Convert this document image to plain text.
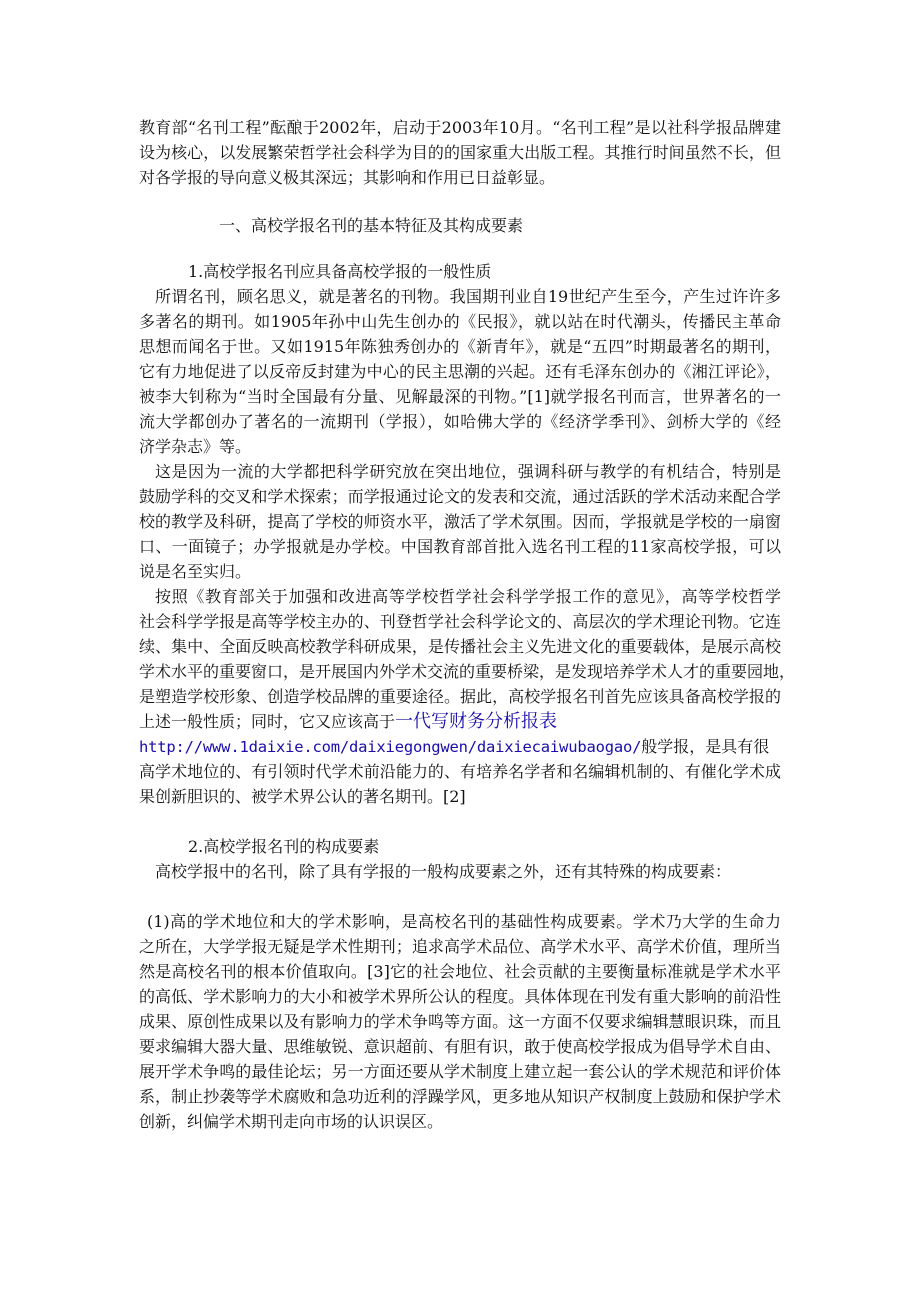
教育部“名刊工程”酝酿于2002年，启动于2003年10月。“名刊工程”是以社科学报品牌建
设为核心，以发展繁荣哲学社会科学为目的的国家重大出版工程。其推行时间虽然不长，但
对各学报的导向意义极其深远；其影响和作用已日益彰显。
一、高校学报名刊的基本特征及其构成要素
1.高校学报名刊应具备高校学报的一般性质
所谓名刊，顾名思义，就是著名的刊物。我国期刊业自19世纪产生至今，产生过许许多
多著名的期刊。如1905年孙中山先生创办的《民报》，就以站在时代潮头，传播民主革命
思想而闻名于世。又如1915年陈独秀创办的《新青年》，就是“五四”时期最著名的期刊，
它有力地促进了以反帝反封建为中心的民主思潮的兴起。还有毛泽东创办的《湘江评论》，
被李大钊称为“当时全国最有分量、见解最深的刊物。”[1]就学报名刊而言，世界著名的一
流大学都创办了著名的一流期刊（学报），如哈佛大学的《经济学季刊》、剑桥大学的《经
济学杂志》等。
这是因为一流的大学都把科学研究放在突出地位，强调科研与教学的有机结合，特别是
鼓励学科的交叉和学术探索；而学报通过论文的发表和交流，通过活跃的学术活动来配合学
校的教学及科研，提高了学校的师资水平，激活了学术氛围。因而，学报就是学校的一扇窗
口、一面镜子；办学报就是办学校。中国教育部首批入选名刊工程的11家高校学报，可以
说是名至实归。
按照《教育部关于加强和改进高等学校哲学社会科学学报工作的意见》，高等学校哲学
社会科学学报是高等学校主办的、刊登哲学社会科学论文的、高层次的学术理论刊物。它连
续、集中、全面反映高校教学科研成果，是传播社会主义先进文化的重要载体，是展示高校
学术水平的重要窗口，是开展国内外学术交流的重要桥梁，是发现培养学术人才的重要园地，
是塑造学校形象、创造学校品牌的重要途径。据此，高校学报名刊首先应该具备高校学报的
上述一般性质；同时，它又应该高于一代写财务分析报表
http://www.1daixie.com/daixiegongwen/daixiecaiwubaogao/般学报，是具有很
高学术地位的、有引领时代学术前沿能力的、有培养名学者和名编辑机制的、有催化学术成
果创新胆识的、被学术界公认的著名期刊。[2]
2.高校学报名刊的构成要素
高校学报中的名刊，除了具有学报的一般构成要素之外，还有其特殊的构成要素：
(1)高的学术地位和大的学术影响，是高校名刊的基础性构成要素。学术乃大学的生命力
之所在，大学学报无疑是学术性期刊；追求高学术品位、高学术水平、高学术价值，理所当
然是高校名刊的根本价值取向。[3]它的社会地位、社会贡献的主要衡量标准就是学术水平
的高低、学术影响力的大小和被学术界所公认的程度。具体体现在刊发有重大影响的前沿性
成果、原创性成果以及有影响力的学术争鸣等方面。这一方面不仅要求编辑慧眼识珠，而且
要求编辑大器大量、思维敏锐、意识超前、有胆有识，敢于使高校学报成为倡导学术自由、
展开学术争鸣的最佳论坛；另一方面还要从学术制度上建立起一套公认的学术规范和评价体
系，制止抄袭等学术腐败和急功近利的浮躁学风，更多地从知识产权制度上鼓励和保护学术
创新，纠偏学术期刊走向市场的认识误区。
